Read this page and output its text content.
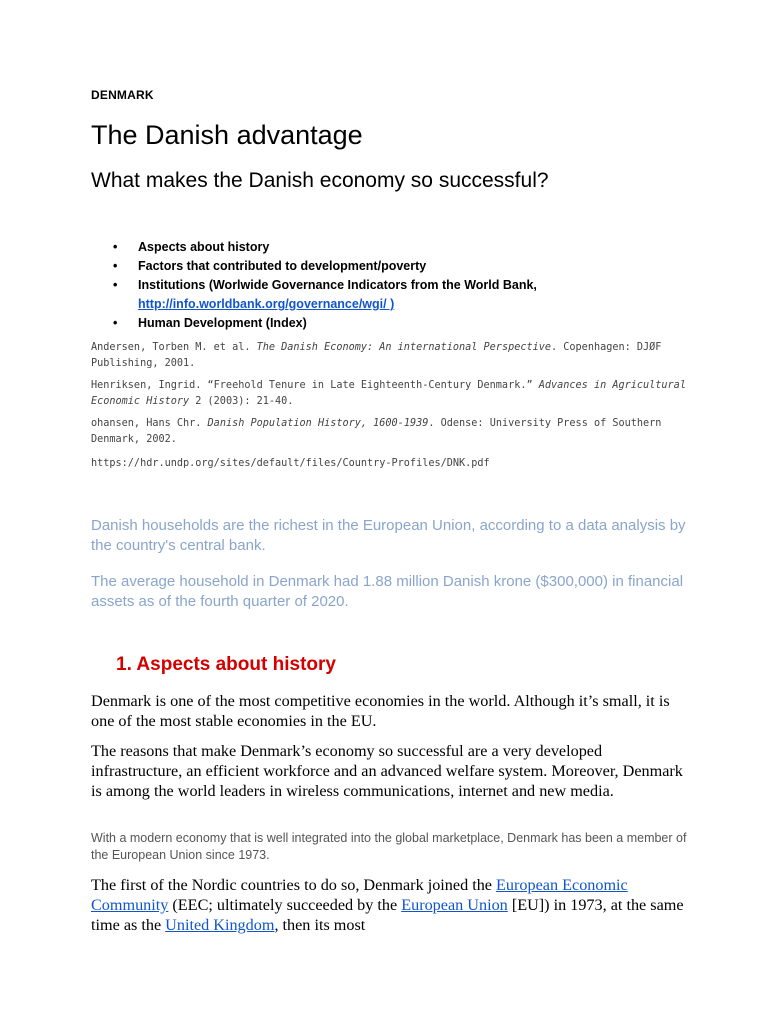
DENMARK
The Danish advantage
What makes the Danish economy so successful?
• Aspects about history
• Factors that contributed to development/poverty
• Institutions (Worlwide Governance Indicators from the World Bank,
http://info.worldbank.org/governance/wgi/ )
• Human Development (Index)

Andersen, Torben M. et al. The Danish Economy: An international Perspective. Copenhagen: DJØF Publishing, 2001.

Henriksen, Ingrid. “Freehold Tenure in Late Eighteenth-Century Denmark.” Advances in Agricultural Economic History 2 (2003): 21-40.

ohansen, Hans Chr. Danish Population History, 1600-1939. Odense: University Press of Southern Denmark, 2002.

https://hdr.undp.org/sites/default/files/Country-Profiles/DNK.pdf

Danish households are the richest in the European Union, according to a data analysis by the country's central bank.

The average household in Denmark had 1.88 million Danish krone ($300,000) in financial assets as of the fourth quarter of 2020.

1. Aspects about history

Denmark is one of the most competitive economies in the world. Although it’s small, it is one of the most stable economies in the EU.

The reasons that make Denmark’s economy so successful are a very developed infrastructure, an efficient workforce and an advanced welfare system. Moreover, Denmark is among the world leaders in wireless communications, internet and new media.

With a modern economy that is well integrated into the global marketplace, Denmark has been a member of the European Union since 1973.

The first of the Nordic countries to do so, Denmark joined the European Economic Community (EEC; ultimately succeeded by the European Union [EU]) in 1973, at the same time as the United Kingdom, then its most
